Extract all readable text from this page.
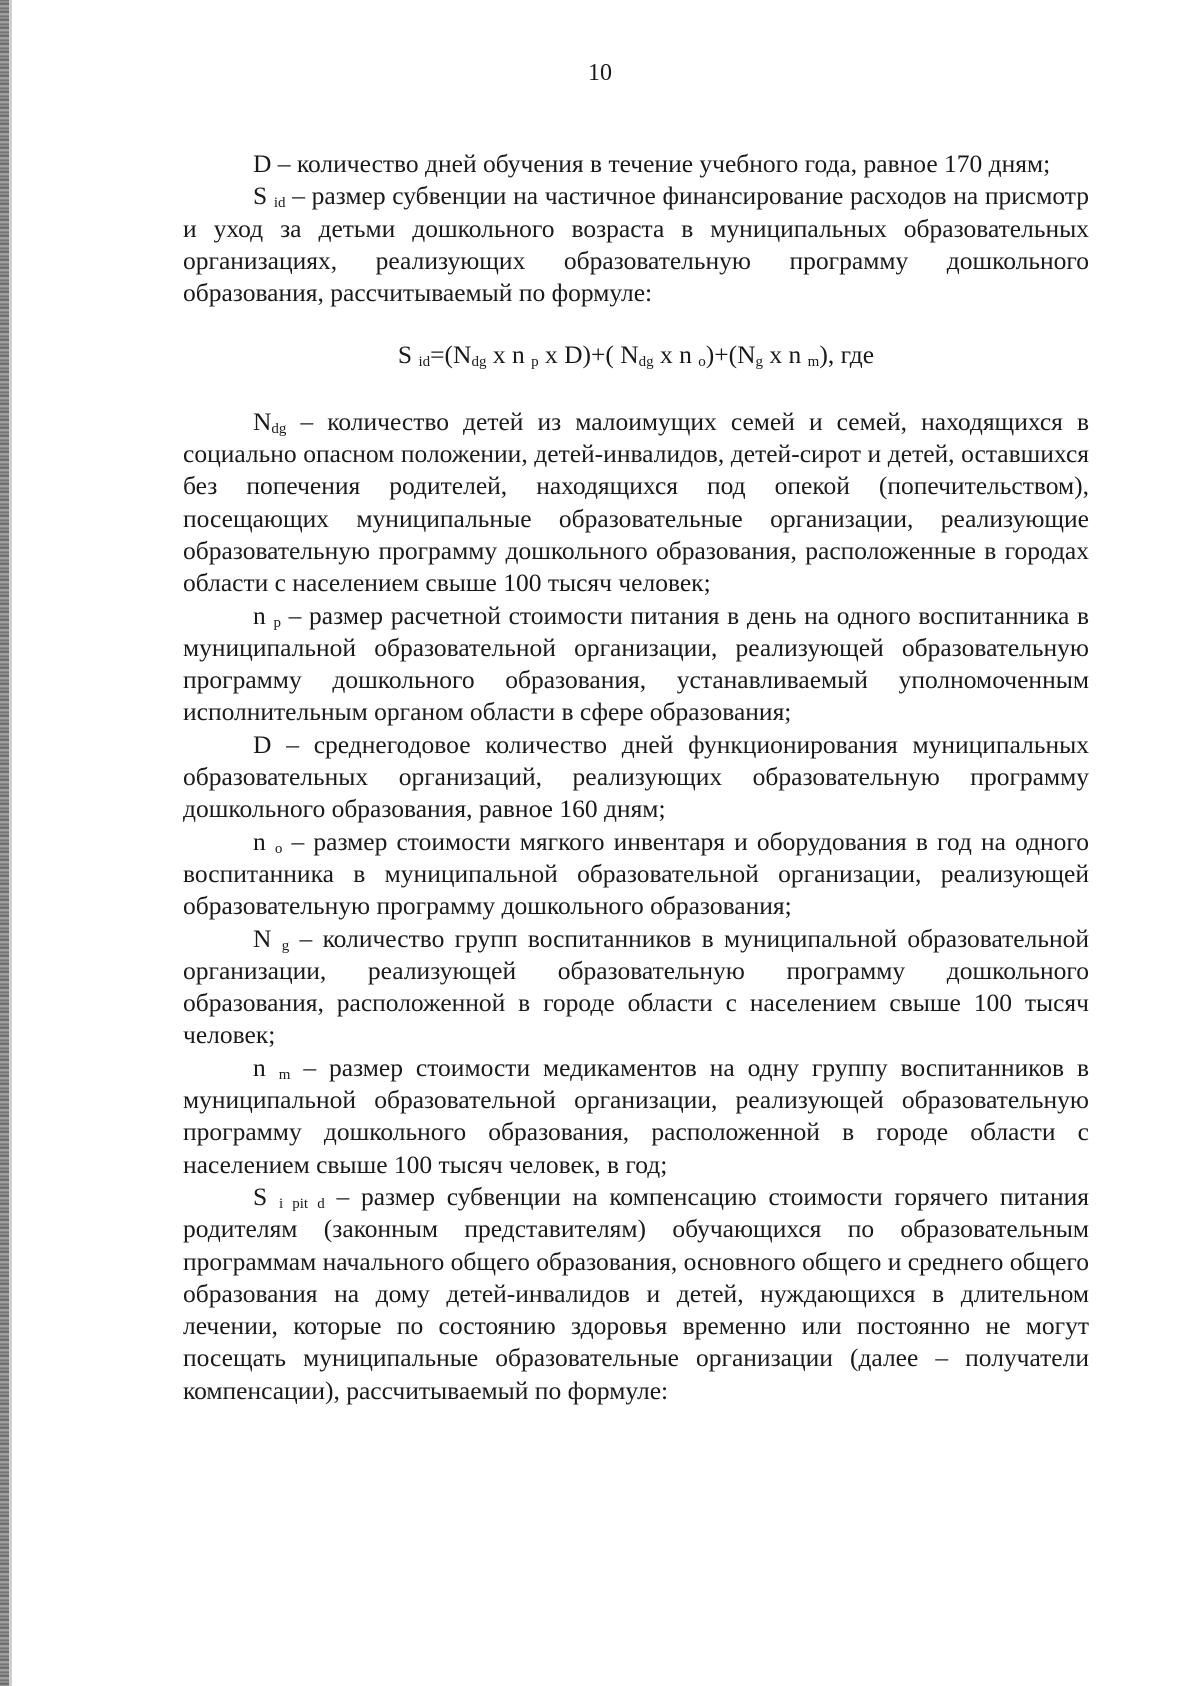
10

D – количество дней обучения в течение учебного года, равное 170 дням;

S $_{id}$ – размер субвенции на частичное финансирование расходов на присмотр и уход за детьми дошкольного возраста в муниципальных образовательных организациях, реализующих образовательную программу дошкольного образования, рассчитываемый по формуле:

S $_{id}=(N_{dg}$ x n $_p$ x D)+( $N_{dg}$ x n $_o)+(N_g$ x n $_m$), где

$N_{dg}$ – количество детей из малоимущих семей и семей, находящихся в социально опасном положении, детей-инвалидов, детей-сирот и детей, оставшихся без попечения родителей, находящихся под опекой (попечительством), посещающих муниципальные образовательные организации, реализующие образовательную программу дошкольного образования, расположенные в городах области с населением свыше 100 тысяч человек;

n $_p$ – размер расчетной стоимости питания в день на одного воспитанника в муниципальной образовательной организации, реализующей образовательную программу дошкольного образования, устанавливаемый уполномоченным исполнительным органом области в сфере образования;

D – среднегодовое количество дней функционирования муниципальных образовательных организаций, реализующих образовательную программу дошкольного образования, равное 160 дням;

n $_o$ – размер стоимости мягкого инвентаря и оборудования в год на одного воспитанника в муниципальной образовательной организации, реализующей образовательную программу дошкольного образования;

N $_g$ – количество групп воспитанников в муниципальной образовательной организации, реализующей образовательную программу дошкольного образования, расположенной в городе области с населением свыше 100 тысяч человек;

n $_m$ – размер стоимости медикаментов на одну группу воспитанников в муниципальной образовательной организации, реализующей образовательную программу дошкольного образования, расположенной в городе области с населением свыше 100 тысяч человек, в год;

S $_{i pit d}$ – размер субвенции на компенсацию стоимости горячего питания родителям (законным представителям) обучающихся по образовательным программам начального общего образования, основного общего и среднего общего образования на дому детей-инвалидов и детей, нуждающихся в длительном лечении, которые по состоянию здоровья временно или постоянно не могут посещать муниципальные образовательные организации (далее – получатели компенсации), рассчитываемый по формуле:
